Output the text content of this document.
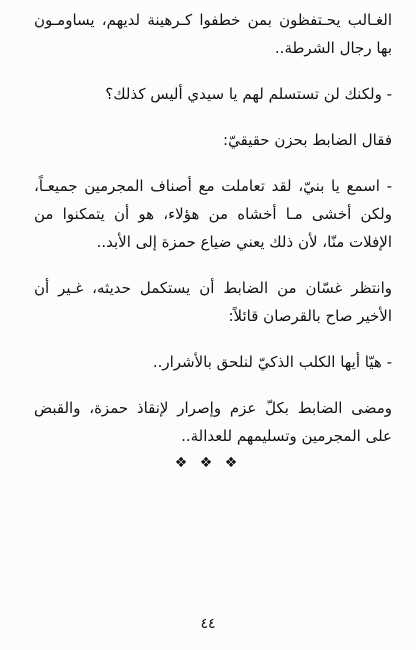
الغـالب يحـتفظون بمن خطفوا كـرهينة لديهم، يساومـون بها رجال الشرطة..

- ولكنك لن تستسلم لهم يا سيدي أليس كذلك؟

فقال الضابط بحزن حقيقيّ:

- اسمع يا بنيّ، لقد تعاملت مع أصناف المجرمين جميعـاً، ولكن أخشى مـا أخشاه من هؤلاء، هو أن يتمكنوا من الإفلات منّا، لأن ذلك يعني ضياع حمزة إلى الأبد..

وانتظر غسّان من الضابط أن يستكمل حديثه، غـير أن الأخير صاح بالقرصان قائلاً:

- هيّا أيها الكلب الذكيّ لنلحق بالأشرار..

ومضى الضابط بكلّ عزم وإصرار لإنقاذ حمزة، والقبض على المجرمين وتسليمهم للعدالة..

❖ ❖ ❖
٤٤
